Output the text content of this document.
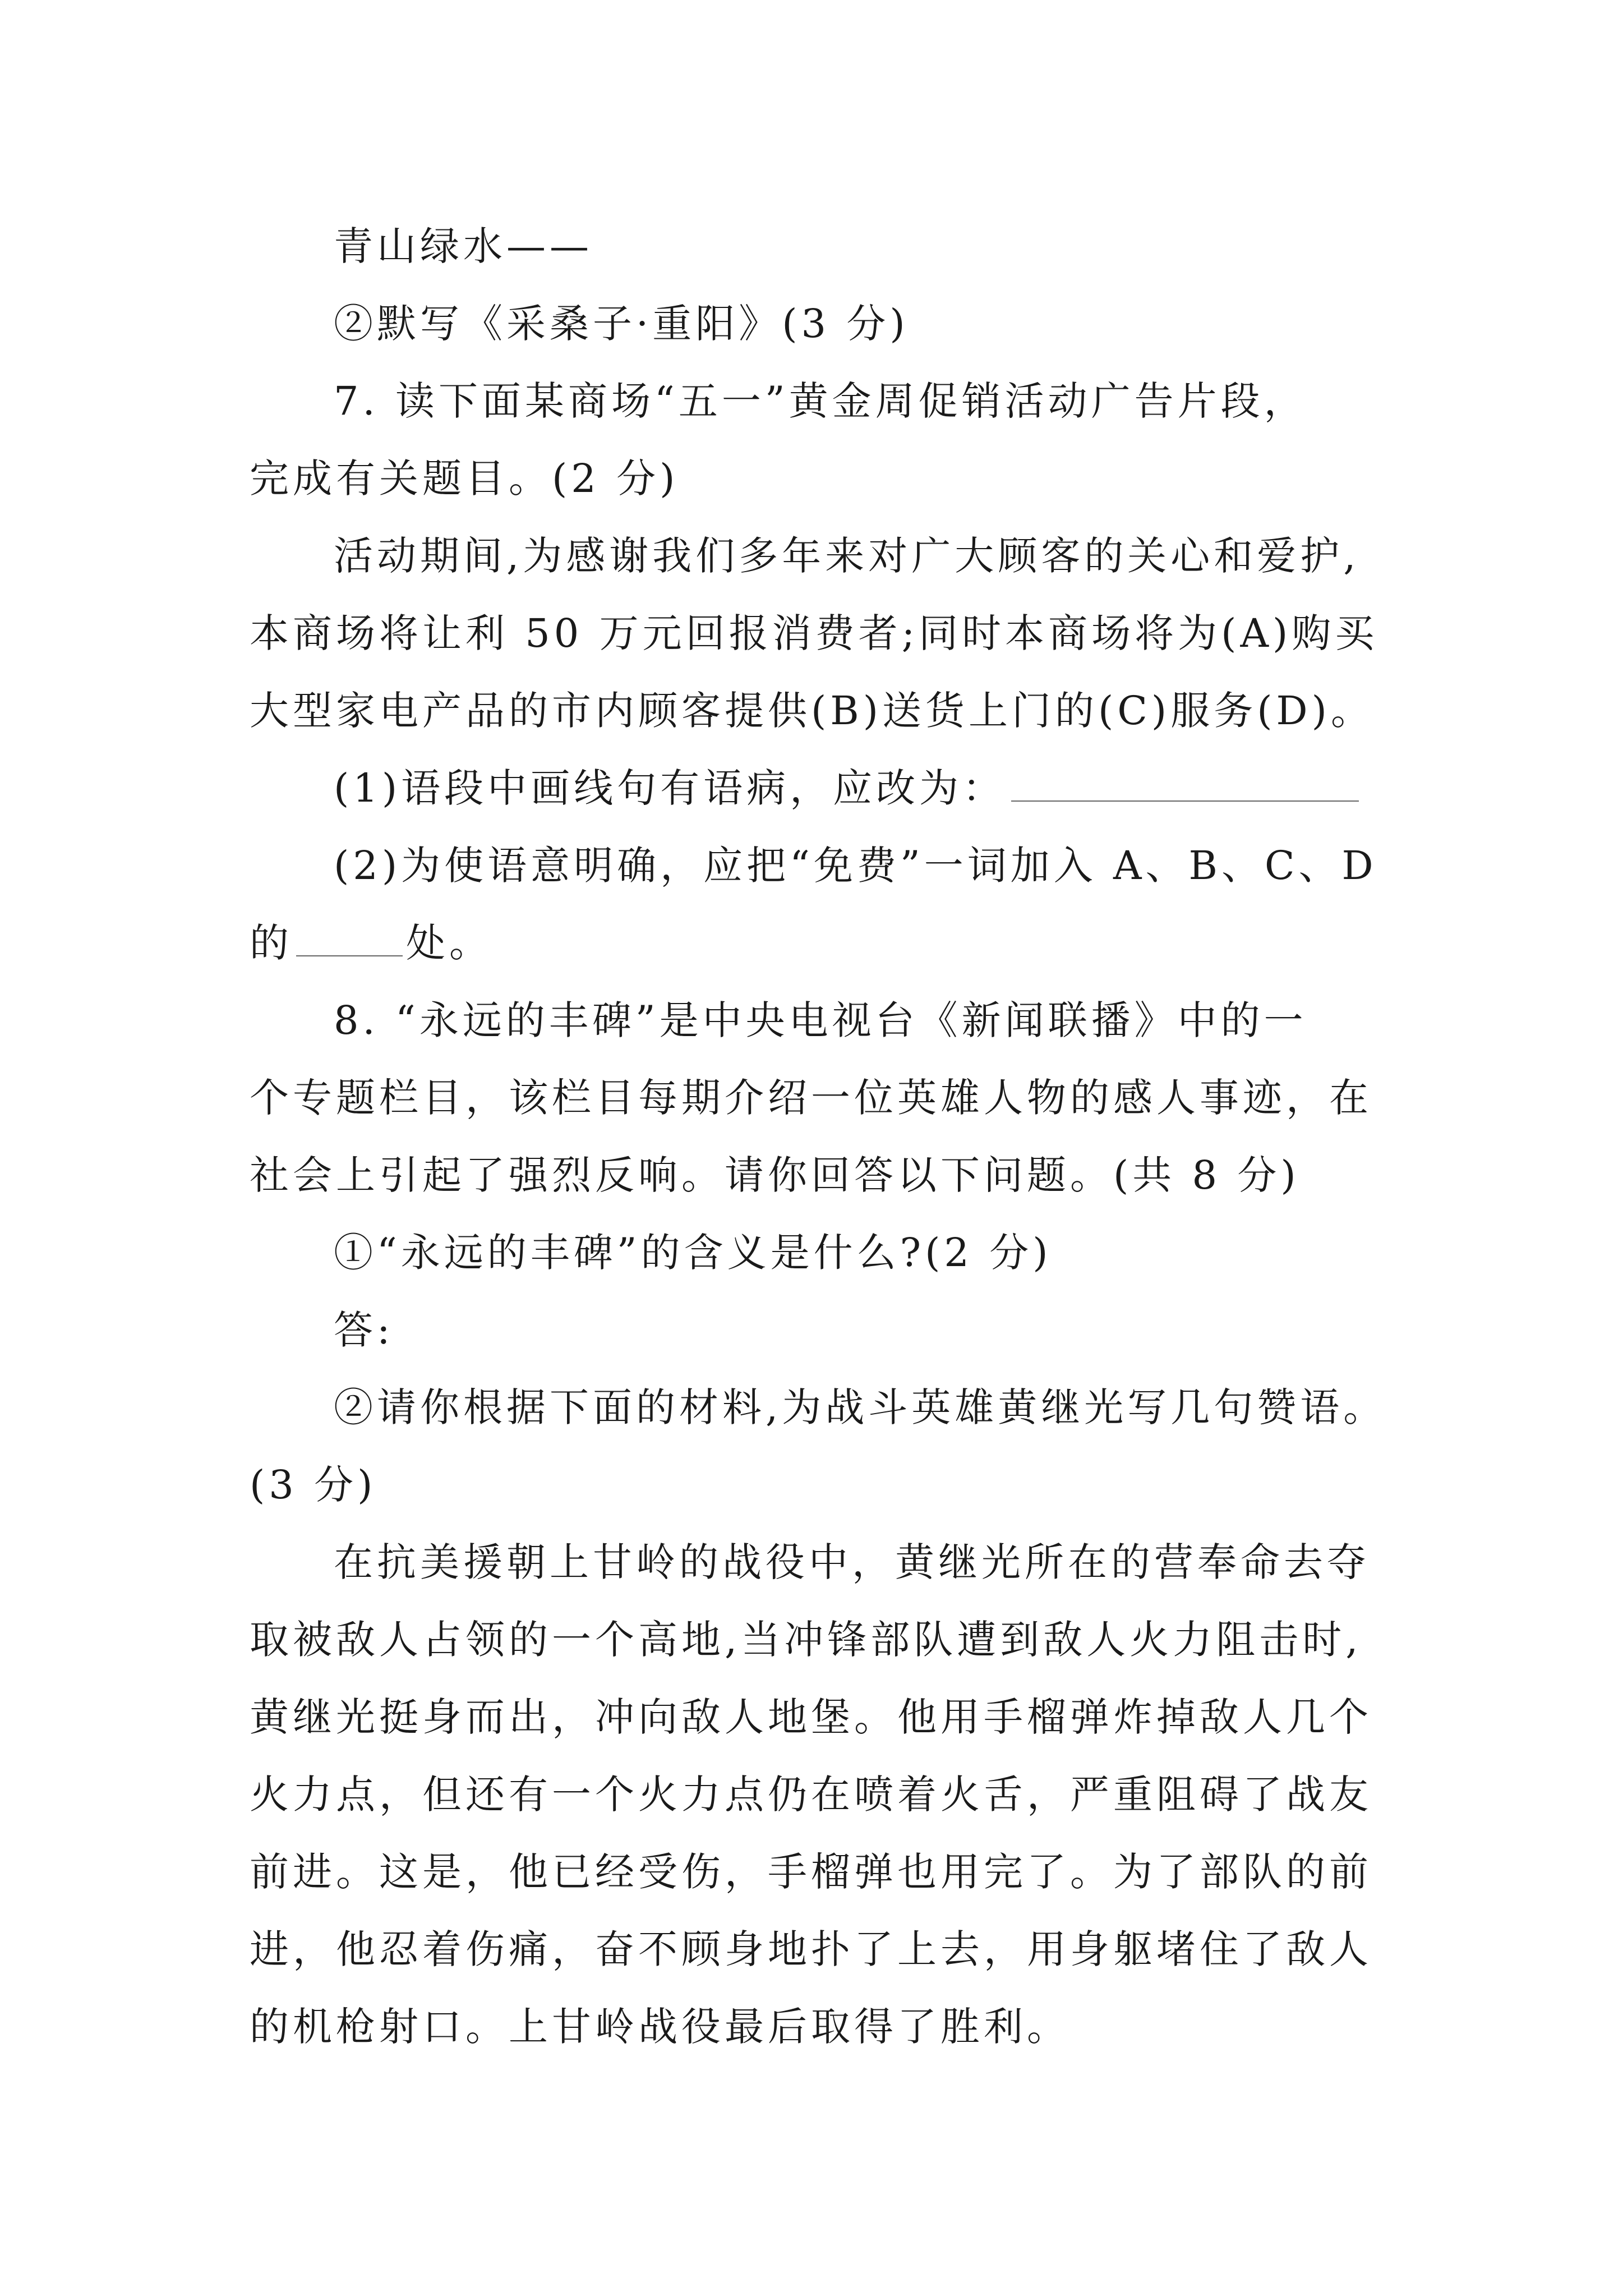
青山绿水——
②默写《采桑子·重阳》(3 分)
7. 读下面某商场“五一”黄金周促销活动广告片段，
完成有关题目。(2 分)
活动期间,为感谢我们多年来对广大顾客的关心和爱护,
本商场将让利 50 万元回报消费者;同时本商场将为(A)购买
大型家电产品的市内顾客提供(B)送货上门的(C)服务(D)。
(1)语段中画线句有语病，应改为：
(2)为使语意明确，应把“免费”一词加入 A、B、C、D
的	处。
8. “永远的丰碑”是中央电视台《新闻联播》中的一
个专题栏目，该栏目每期介绍一位英雄人物的感人事迹，在
社会上引起了强烈反响。请你回答以下问题。(共 8 分)
①“永远的丰碑”的含义是什么?(2 分)
答:
②请你根据下面的材料,为战斗英雄黄继光写几句赞语。
(3 分)
在抗美援朝上甘岭的战役中，黄继光所在的营奉命去夺
取被敌人占领的一个高地,当冲锋部队遭到敌人火力阻击时,
黄继光挺身而出，冲向敌人地堡。他用手榴弹炸掉敌人几个
火力点，但还有一个火力点仍在喷着火舌，严重阻碍了战友
前进。这是，他已经受伤，手榴弹也用完了。为了部队的前
进，他忍着伤痛，奋不顾身地扑了上去，用身躯堵住了敌人
的机枪射口。上甘岭战役最后取得了胜利。
